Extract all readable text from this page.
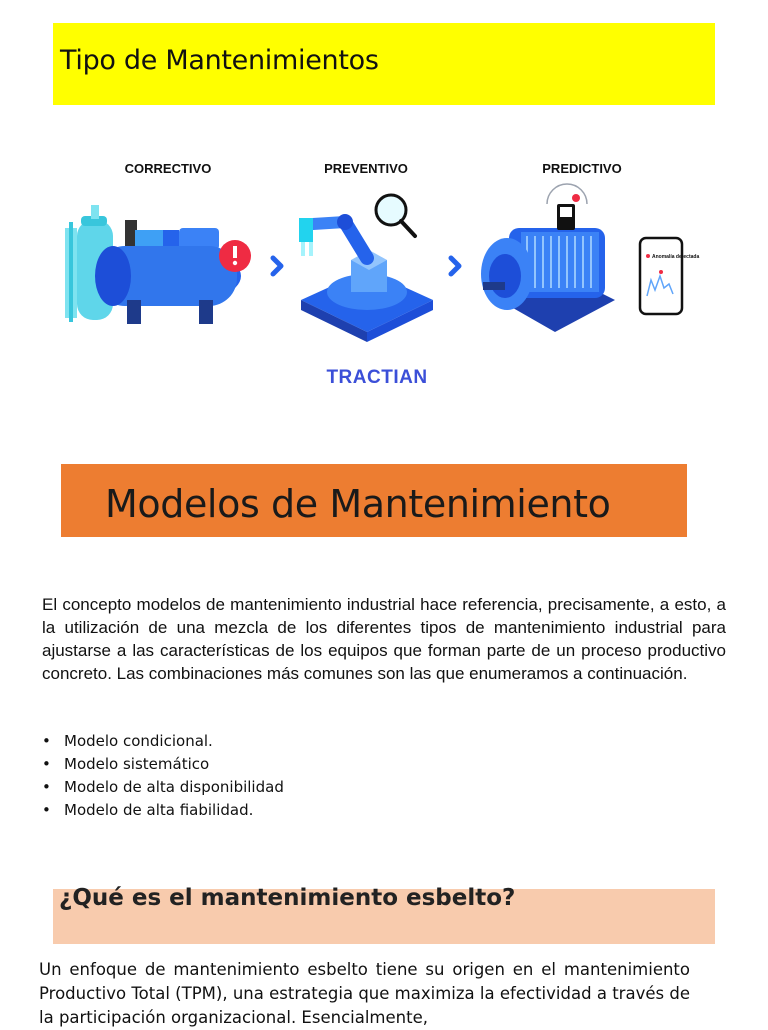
Tipo de Mantenimientos
CORRECTIVO	PREVENTIVO	PREDICTIVO
Anomalía detectada
TRACTIAN
Modelos de Mantenimiento

El concepto modelos de mantenimiento industrial hace referencia, precisamente, a esto, a la utilización de una mezcla de los diferentes tipos de mantenimiento industrial para ajustarse a las características de los equipos que forman parte de un proceso productivo concreto. Las combinaciones más comunes son las que enumeramos a continuación.

• Modelo condicional.
• Modelo sistemático
• Modelo de alta disponibilidad
• Modelo de alta fiabilidad.
¿Qué es el mantenimiento esbelto?

Un enfoque de mantenimiento esbelto tiene su origen en el mantenimiento Productivo Total (TPM), una estrategia que maximiza la efectividad a través de la participación organizacional. Esencialmente,
